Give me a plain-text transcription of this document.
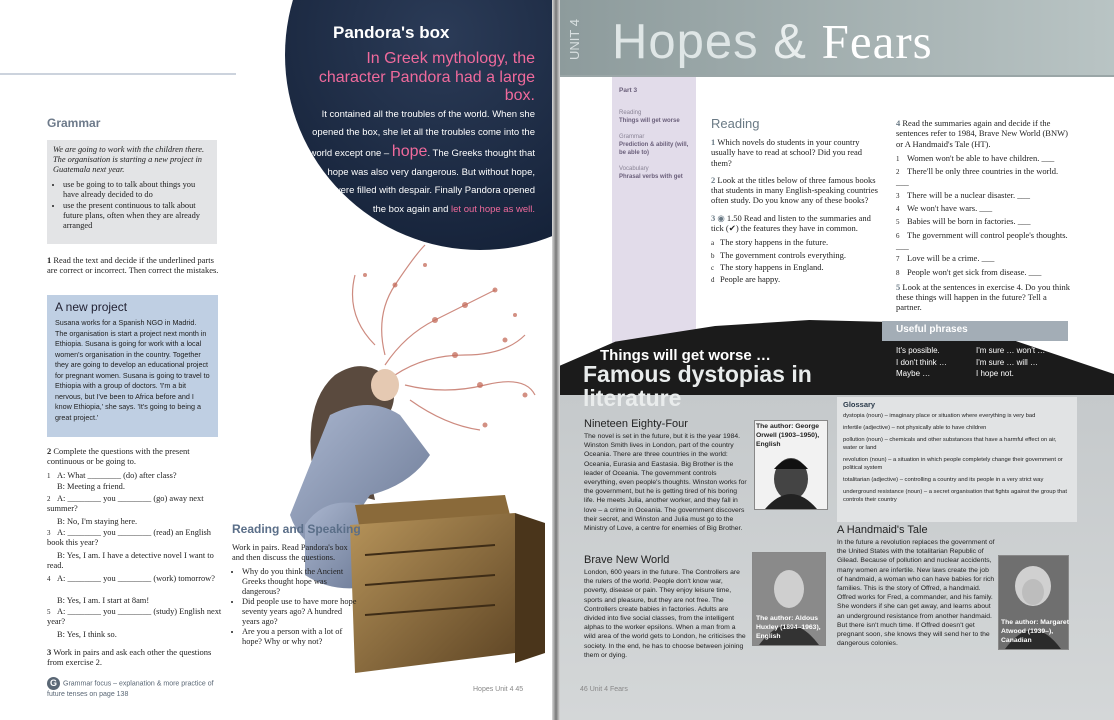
Grammar
We are going to work with the children there. The organisation is starting a new project in Guatemala next year.
• use be going to to talk about things you have already decided to do
• use the present continuous to talk about future plans, often when they are already arranged
1 Read the text and decide if the underlined parts are correct or incorrect. Then correct the mistakes.
A new project
Susana works for a Spanish NGO in Madrid. The organisation is start a project next month in Ethiopia. Susana is going for work with a local women's organisation in the country. Together they are going to develop an educational project for pregnant women. Susana is going to travel to Ethiopia with a group of doctors. 'I'm a bit nervous, but I've been to Africa before and I know Ethiopia,' she says. 'It's going to being a great project.'
2 Complete the questions with the present continuous or be going to.
1 A: What ________ (do) after class?
B: Meeting a friend.
2 A: ________ you ________ (go) away next summer?
B: No, I'm staying here.
3 A: ________ you ________ (read) an English book this year?
B: Yes, I am. I have a detective novel I want to read.
4 A: ________ you ________ (work) tomorrow?
B: Yes, I am. I start at 8am!
5 A: ________ you ________ (study) English next year?
B: Yes, I think so.
3 Work in pairs and ask each other the questions from exercise 2.
G Grammar focus – explanation & more practice of future tenses on page 138
Pandora's box
In Greek mythology, the character Pandora had a large box.
It contained all the troubles of the world. When she opened the box, she let all the troubles come into the world except one – hope. The Greeks thought that hope was also very dangerous. But without hope, people were filled with despair. Finally Pandora opened the box again and let out hope as well.
Reading and Speaking
Work in pairs. Read Pandora's box and then discuss the questions.
• Why do you think the Ancient Greeks thought hope was dangerous?
• Did people use to have more hope seventy years ago? A hundred years ago?
• Are you a person with a lot of hope? Why or why not?
Hopes Unit 4 45
UNIT 4 Hopes & Fears
Part 3
Reading
Things will get worse
Grammar
Prediction & ability (will, be able to)
Vocabulary
Phrasal verbs with get
Reading

1 Which novels do students in your country usually have to read at school? Did you read them?

2 Look at the titles below of three famous books that students in many English-speaking countries often study. Do you know any of these books?

3 ◉ 1.50 Read and listen to the summaries and tick (✔) the features they have in common.
a The story happens in the future.
b The government controls everything.
c The story happens in England.
d People are happy.
4 Read the summaries again and decide if the sentences refer to 1984, Brave New World (BNW) or A Handmaid's Tale (HT).
1 Women won't be able to have children. ___
2 There'll be only three countries in the world. ___
3 There will be a nuclear disaster. ___
4 We won't have wars. ___
5 Babies will be born in factories. ___
6 The government will control people's thoughts. ___
7 Love will be a crime. ___
8 People won't get sick from disease. ___
5 Look at the sentences in exercise 4. Do you think these things will happen in the future? Tell a partner.
Useful phrases
It's possible.	I'm sure … won't …
I don't think …	I'm sure … will …
Maybe …	I hope not.
Things will get worse …
Famous dystopias in literature
Nineteen Eighty-Four
The novel is set in the future, but it is the year 1984. Winston Smith lives in London, part of the country Oceania. There are three countries in the world: Oceania, Eurasia and Eastasia. Big Brother is the leader of Oceania. The government controls everything, even people's thoughts. Winston works for the government, but he is getting tired of his boring life. He meets Julia, another worker, and they fall in love – a crime in Oceania. The government discovers their secret, and Winston and Julia must go to the Ministry of Love, a centre for enemies of Big Brother.
The author: George Orwell (1903–1950), English
Brave New World
London, 600 years in the future. The Controllers are the rulers of the world. People don't know war, poverty, disease or pain. They enjoy leisure time, sports and pleasure, but they are not free. The Controllers create babies in factories. Adults are divided into five social classes, from the intelligent alphas to the worker epsilons. When a man from a wild area of the world gets to London, he criticises the society. In the end, he has to choose between joining them or dying.
The author: Aldous Huxley (1894–1963), English
Glossary

dystopia (noun) – imaginary place or situation where everything is very bad

infertile (adjective) – not physically able to have children

pollution (noun) – chemicals and other substances that have a harmful effect on air, water or land

revolution (noun) – a situation in which people completely change their government or political system

totalitarian (adjective) – controlling a country and its people in a very strict way

underground resistance (noun) – a secret organisation that fights against the group that controls their country

A Handmaid's Tale
In the future a revolution replaces the government of the United States with the totalitarian Republic of Gilead. Because of pollution and nuclear accidents, many women are infertile. New laws create the job of handmaid, a woman who can have babies for rich families. This is the story of Offred, a handmaid. Offred works for Fred, a commander, and his family. She wonders if she can get away, and learns about an underground resistance from another handmaid. But there isn't much time. If Offred doesn't get pregnant soon, she knows they will send her to the dangerous colonies.
The author: Margaret Atwood (1939–), Canadian
46 Unit 4 Fears
